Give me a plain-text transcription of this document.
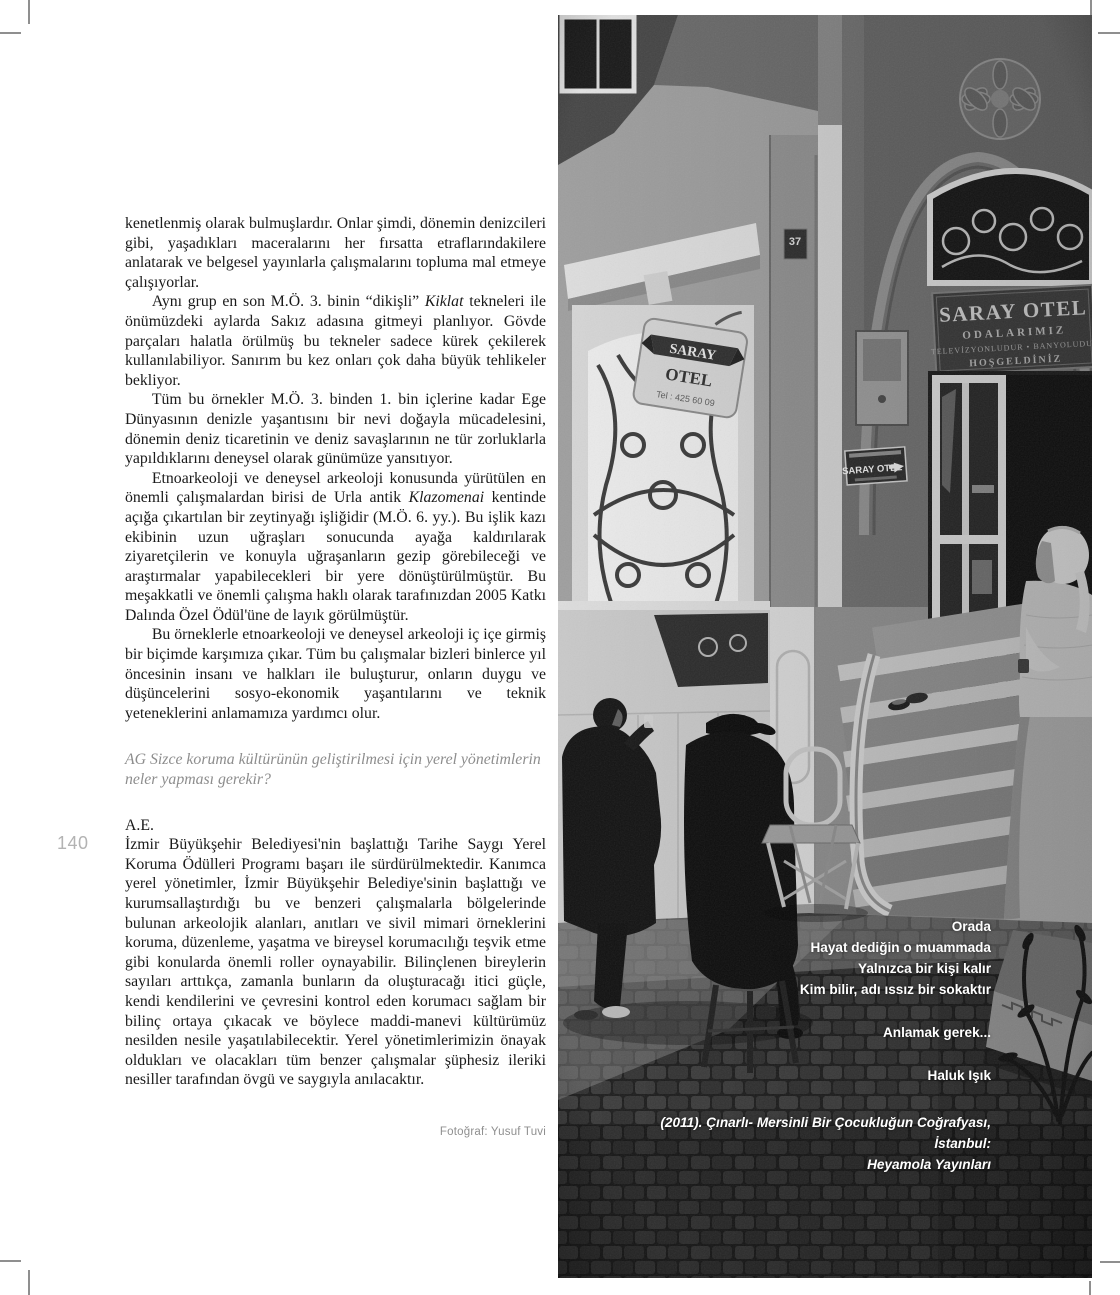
140

kenetlenmiş olarak bulmuşlardır. Onlar şimdi, dönemin denizcileri gibi, yaşadıkları maceralarını her fırsatta etraflarındakilere anlatarak ve belgesel yayınlarla çalışmalarını topluma mal etmeye çalışıyorlar.

Aynı grup en son M.Ö. 3. binin “dikişli” Kiklat tekneleri ile önümüzdeki aylarda Sakız adasına gitmeyi planlıyor. Gövde parçaları halatla örülmüş bu tekneler sadece kürek çekilerek kullanılabiliyor. Sanırım bu kez onları çok daha büyük tehlikeler bekliyor.

Tüm bu örnekler M.Ö. 3. binden 1. bin içlerine kadar Ege Dünyasının denizle yaşantısını bir nevi doğayla mücadelesini, dönemin deniz ticaretinin ve deniz savaşlarının ne tür zorluklarla yapıldıklarını deneysel olarak günümüze yansıtıyor.

Etnoarkeoloji ve deneysel arkeoloji konusunda yürütülen en önemli çalışmalardan birisi de Urla antik Klazomenai kentinde açığa çıkartılan bir zeytinyağı işliğidir (M.Ö. 6. yy.). Bu işlik kazı ekibinin uzun uğraşları sonucunda ayağa kaldırılarak ziyaretçilerin ve konuyla uğraşanların gezip görebileceği ve araştırmalar yapabilecekleri bir yere dönüştürülmüştür. Bu meşakkatli ve önemli çalışma haklı olarak tarafınızdan 2005 Katkı Dalında Özel Ödül'üne de layık görülmüştür.

Bu örneklerle etnoarkeoloji ve deneysel arkeoloji iç içe girmiş bir biçimde karşımıza çıkar. Tüm bu çalışmalar bizleri binlerce yıl öncesinin insanı ve halkları ile buluşturur, onların duygu ve düşüncelerini sosyo-ekonomik yaşantılarını ve teknik yeteneklerini anlamamıza yardımcı olur.

AG Sizce koruma kültürünün geliştirilmesi için yerel yönetimlerin neler yapması gerekir?

A.E.

İzmir Büyükşehir Belediyesi'nin başlattığı Tarihe Saygı Yerel Koruma Ödülleri Programı başarı ile sürdürülmektedir. Kanımca yerel yönetimler, İzmir Büyükşehir Belediye'sinin başlattığı ve kurumsallaştırdığı bu ve benzeri çalışmalarla bölgelerinde bulunan arkeolojik alanları, anıtları ve sivil mimari örneklerini koruma, düzenleme, yaşatma ve bireysel korumacılığı teşvik etme gibi konularda önemli roller oynayabilir. Bilinçlenen bireylerin sayıları arttıkça, zamanla bunların da oluşturacağı itici güçle, kendi kendilerini ve çevresini kontrol eden korumacı sağlam bir bilinç ortaya çıkacak ve böylece maddi-manevi kültürümüz nesilden nesile yaşatılabilecektir. Yerel yönetimlerimizin önayak oldukları ve olacakları tüm benzer çalışmalar şüphesiz ileriki nesiller tarafından övgü ve saygıyla anılacaktır.

Fotoğraf: Yusuf Tuvi
Orada
Hayat dediğin o muammada
Yalnızca bir kişi kalır
Kim bilir, adı ıssız bir sokaktır
Anlamak gerek...
Haluk Işık
(2011). Çınarlı- Mersinli Bir Çocukluğun Coğrafyası, İstanbul:
Heyamola Yayınları
